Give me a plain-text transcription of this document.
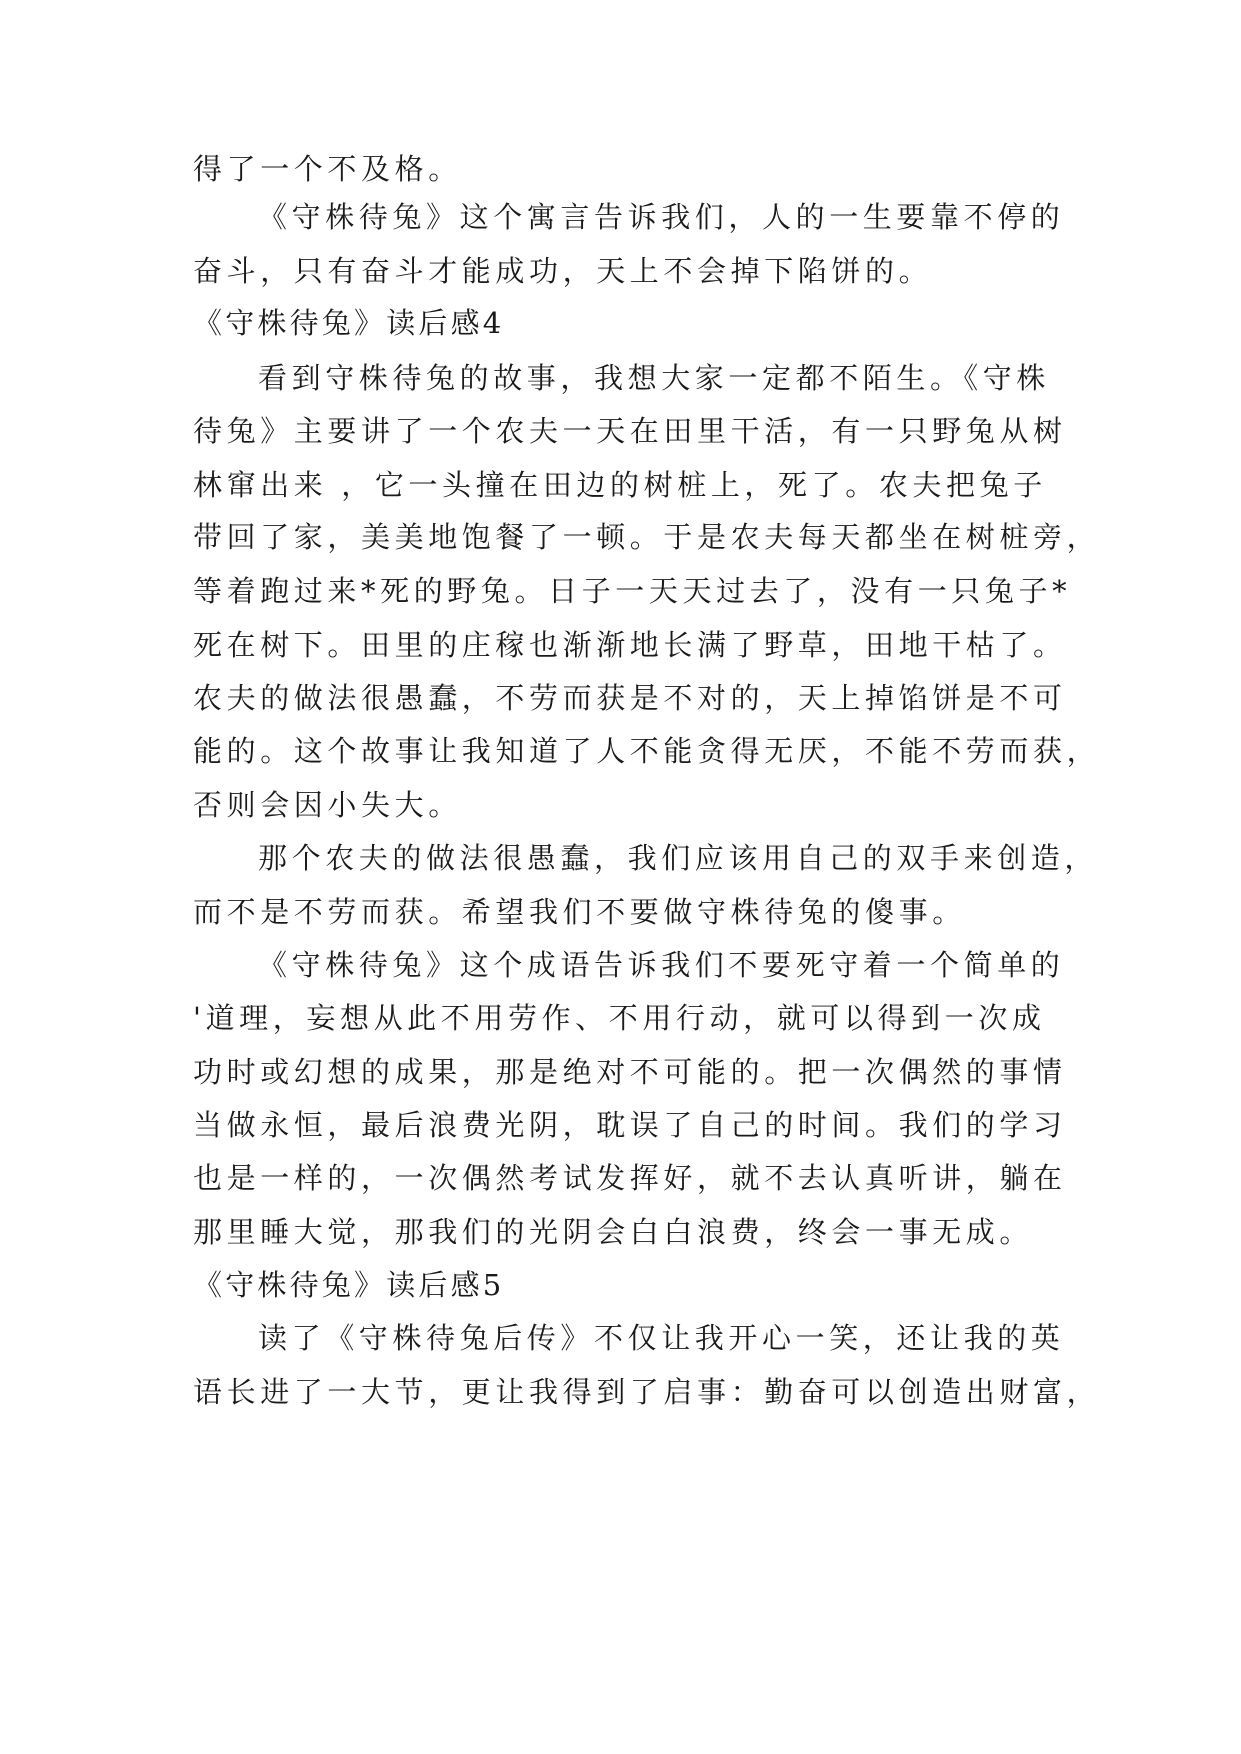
得了一个不及格。
《守株待兔》这个寓言告诉我们，人的一生要靠不停的
奋斗，只有奋斗才能成功，天上不会掉下陷饼的。
《守株待兔》读后感4
看到守株待兔的故事，我想大家一定都不陌生。《守株
待兔》主要讲了一个农夫一天在田里干活，有一只野兔从树
林窜出来 ，它一头撞在田边的树桩上，死了。农夫把兔子
带回了家，美美地饱餐了一顿。于是农夫每天都坐在树桩旁，
等着跑过来*死的野兔。日子一天天过去了，没有一只兔子*
死在树下。田里的庄稼也渐渐地长满了野草，田地干枯了。
农夫的做法很愚蠢，不劳而获是不对的，天上掉馅饼是不可
能的。这个故事让我知道了人不能贪得无厌，不能不劳而获，
否则会因小失大。
那个农夫的做法很愚蠢，我们应该用自己的双手来创造，
而不是不劳而获。希望我们不要做守株待兔的傻事。
《守株待兔》这个成语告诉我们不要死守着一个简单的
'道理，妄想从此不用劳作、不用行动，就可以得到一次成
功时或幻想的成果，那是绝对不可能的。把一次偶然的事情
当做永恒，最后浪费光阴，耽误了自己的时间。我们的学习
也是一样的，一次偶然考试发挥好，就不去认真听讲，躺在
那里睡大觉，那我们的光阴会白白浪费，终会一事无成。
《守株待兔》读后感5
读了《守株待兔后传》不仅让我开心一笑，还让我的英
语长进了一大节，更让我得到了启事：勤奋可以创造出财富，
